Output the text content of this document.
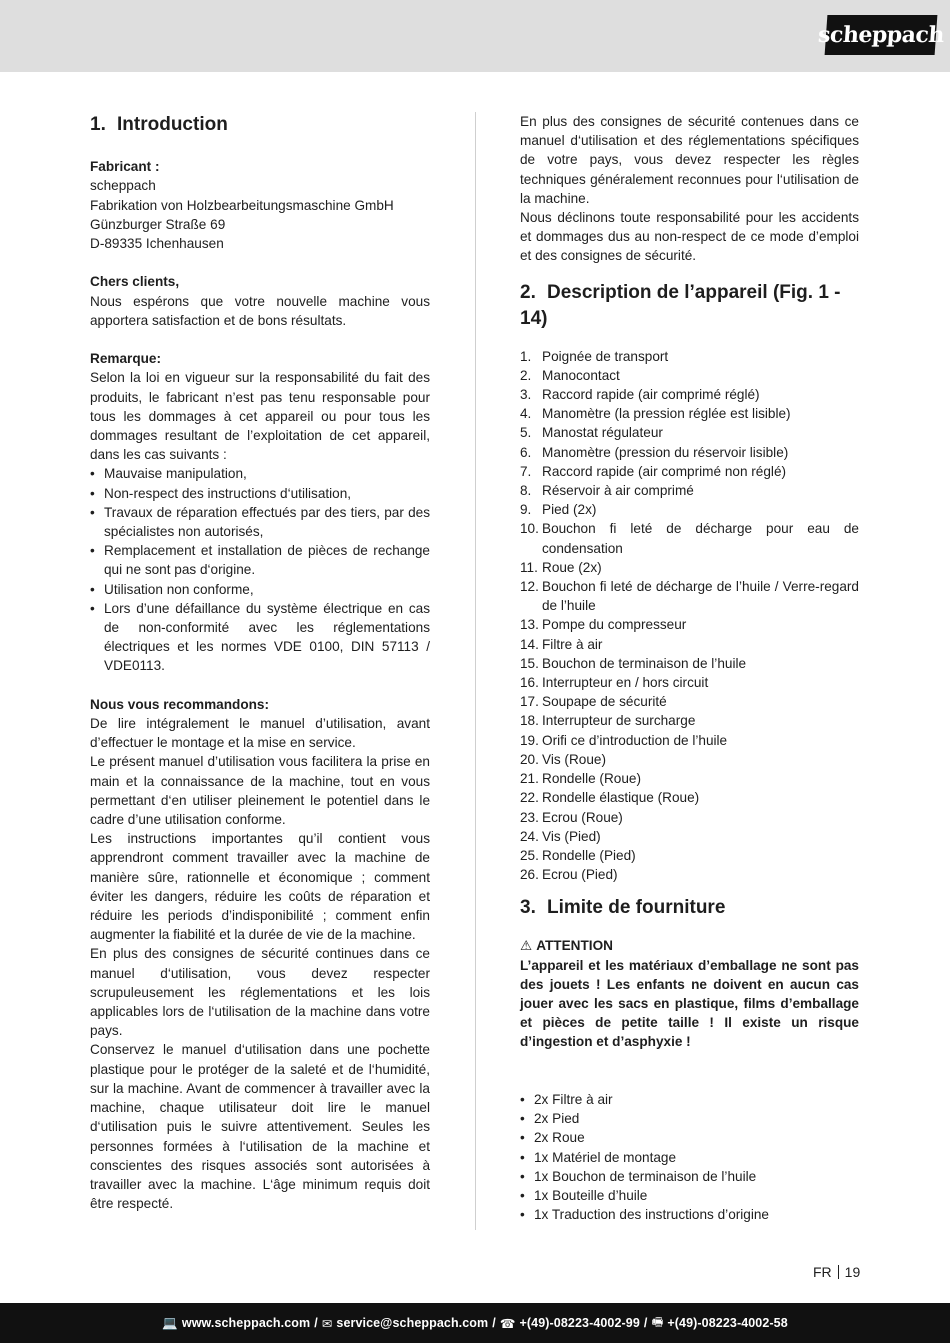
scheppach
1. Introduction

Fabricant :

scheppach
Fabrikation von Holzbearbeitungsmaschine GmbH
Günzburger Straße 69
D-89335 Ichenhausen

Chers clients,

Nous espérons que votre nouvelle machine vous apportera satisfaction et de bons résultats.

Remarque:

Selon la loi en vigueur sur la responsabilité du fait des produits, le fabricant n’est pas tenu responsable pour tous les dommages à cet appareil ou pour tous les dommages resultant de l’exploitation de cet appareil, dans les cas suivants :

• Mauvaise manipulation,
• Non-respect des instructions d‘utilisation,
• Travaux de réparation effectués par des tiers, par des spécialistes non autorisés,
• Remplacement et installation de pièces de rechange qui ne sont pas d‘origine.
• Utilisation non conforme,
• Lors d’une défaillance du système électrique en cas de non-conformité avec les réglementations électriques et les normes VDE 0100, DIN 57113 / VDE0113.

Nous vous recommandons:

De lire intégralement le manuel d’utilisation, avant d’effectuer le montage et la mise en service.

Le présent manuel d’utilisation vous facilitera la prise en main et la connaissance de la machine, tout en vous permettant d‘en utiliser pleinement le potentiel dans le cadre d’une utilisation conforme.

Les instructions importantes qu’il contient vous apprendront comment travailler avec la machine de manière sûre, rationnelle et économique ; comment éviter les dangers, réduire les coûts de réparation et réduire les periods d’indisponibilité ; comment enfin augmenter la fiabilité et la durée de vie de la machine.

En plus des consignes de sécurité continues dans ce manuel d‘utilisation, vous devez respecter scrupuleusement les réglementations et les lois applicables lors de l‘utilisation de la machine dans votre pays.

Conservez le manuel d‘utilisation dans une pochette plastique pour le protéger de la saleté et de l‘humidité, sur la machine. Avant de commencer à travailler avec la machine, chaque utilisateur doit lire le manuel d‘utilisation puis le suivre attentivement. Seules les personnes formées à l‘utilisation de la machine et conscientes des risques associés sont autorisées à travailler avec la machine. L‘âge minimum requis doit être respecté.

En plus des consignes de sécurité contenues dans ce manuel d‘utilisation et des réglementations spécifiques de votre pays, vous devez respecter les règles techniques généralement reconnues pour l‘utilisation de la machine.

Nous déclinons toute responsabilité pour les accidents et dommages dus au non-respect de ce mode d’emploi et des consignes de sécurité.

2. Description de l’appareil (Fig. 1 - 14)
1. Poignée de transport
2. Manocontact
3. Raccord rapide (air comprimé réglé)
4. Manomètre (la pression réglée est lisible)
5. Manostat régulateur
6. Manomètre (pression du réservoir lisible)
7. Raccord rapide (air comprimé non réglé)
8. Réservoir à air comprimé
9. Pied (2x)
10. Bouchon fi leté de décharge pour eau de condensation
11. Roue (2x)
12. Bouchon fi leté de décharge de l’huile / Verre-regard de l’huile
13. Pompe du compresseur
14. Filtre à air
15. Bouchon de terminaison de l’huile
16. Interrupteur en / hors circuit
17. Soupape de sécurité
18. Interrupteur de surcharge
19. Orifi ce d’introduction de l’huile
20. Vis (Roue)
21. Rondelle (Roue)
22. Rondelle élastique (Roue)
23. Ecrou (Roue)
24. Vis (Pied)
25. Rondelle (Pied)
26. Ecrou (Pied)
3. Limite de fourniture

⚠ ATTENTION

L’appareil et les matériaux d’emballage ne sont pas des jouets ! Les enfants ne doivent en aucun cas jouer avec les sacs en plastique, films d’emballage et pièces de petite taille ! Il existe un risque d’ingestion et d’asphyxie !

• 2x Filtre à air
• 2x Pied
• 2x Roue
• 1x Matériel de montage
• 1x Bouchon de terminaison de l’huile
• 1x Bouteille d’huile
• 1x Traduction des instructions d’origine
FR 19
💻 www.scheppach.com / ✉ service@scheppach.com / ☎ +(49)-08223-4002-99 / 🖷 +(49)-08223-4002-58
